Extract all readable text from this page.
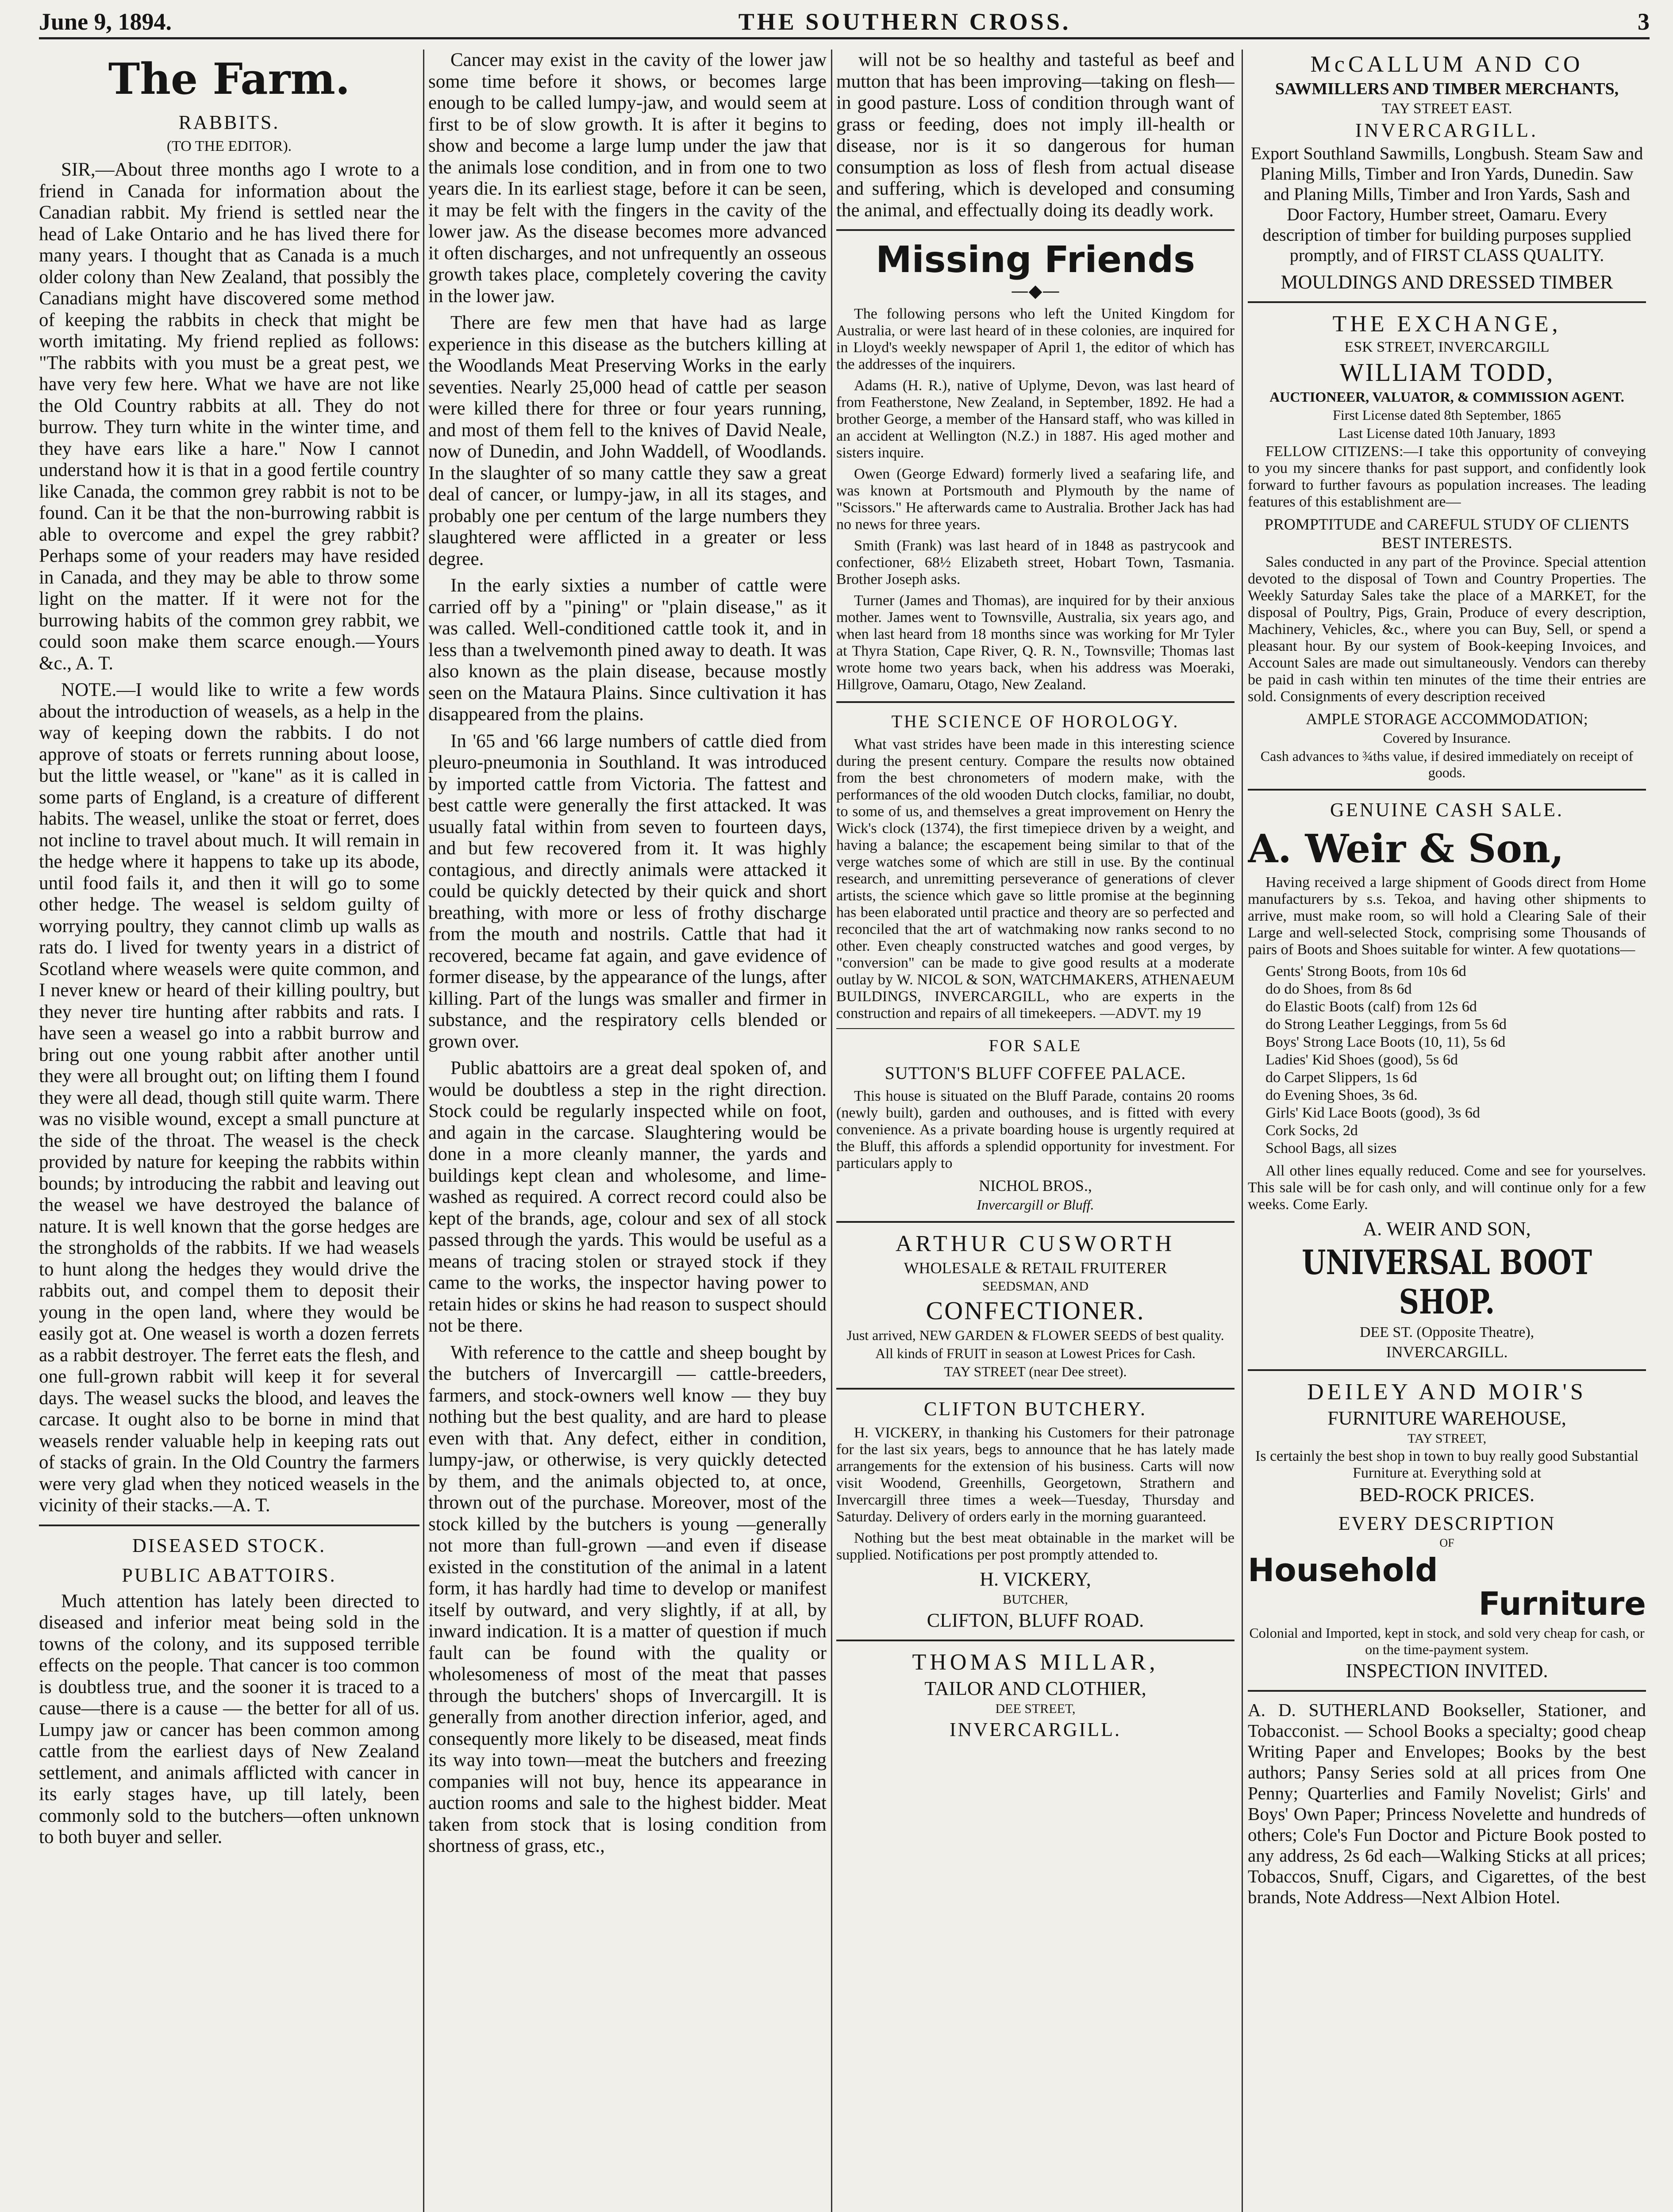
June 9, 1894.	THE SOUTHERN CROSS.	3
The Farm.
RABBITS.
(TO THE EDITOR).

SIR,—About three months ago I wrote to a friend in Canada for information about the Canadian rabbit. My friend is settled near the head of Lake Ontario and he has lived there for many years. I thought that as Canada is a much older colony than New Zealand, that possibly the Canadians might have discovered some method of keeping the rabbits in check that might be worth imitating. My friend replied as follows: "The rabbits with you must be a great pest, we have very few here. What we have are not like the Old Country rabbits at all. They do not burrow. They turn white in the winter time, and they have ears like a hare." Now I cannot understand how it is that in a good fertile country like Canada, the common grey rabbit is not to be found. Can it be that the non-burrowing rabbit is able to overcome and expel the grey rabbit? Perhaps some of your readers may have resided in Canada, and they may be able to throw some light on the matter. If it were not for the burrowing habits of the common grey rabbit, we could soon make them scarce enough.—Yours &c., A. T.

NOTE.—I would like to write a few words about the introduction of weasels, as a help in the way of keeping down the rabbits. I do not approve of stoats or ferrets running about loose, but the little weasel, or "kane" as it is called in some parts of England, is a creature of different habits. The weasel, unlike the stoat or ferret, does not incline to travel about much. It will remain in the hedge where it happens to take up its abode, until food fails it, and then it will go to some other hedge. The weasel is seldom guilty of worrying poultry, they cannot climb up walls as rats do. I lived for twenty years in a district of Scotland where weasels were quite common, and I never knew or heard of their killing poultry, but they never tire hunting after rabbits and rats. I have seen a weasel go into a rabbit burrow and bring out one young rabbit after another until they were all brought out; on lifting them I found they were all dead, though still quite warm. There was no visible wound, except a small puncture at the side of the throat. The weasel is the check provided by nature for keeping the rabbits within bounds; by introducing the rabbit and leaving out the weasel we have destroyed the balance of nature. It is well known that the gorse hedges are the strongholds of the rabbits. If we had weasels to hunt along the hedges they would drive the rabbits out, and compel them to deposit their young in the open land, where they would be easily got at. One weasel is worth a dozen ferrets as a rabbit destroyer. The ferret eats the flesh, and one full-grown rabbit will keep it for several days. The weasel sucks the blood, and leaves the carcase. It ought also to be borne in mind that weasels render valuable help in keeping rats out of stacks of grain. In the Old Country the farmers were very glad when they noticed weasels in the vicinity of their stacks.—A. T.

DISEASED STOCK.
PUBLIC ABATTOIRS.

Much attention has lately been directed to diseased and inferior meat being sold in the towns of the colony, and its supposed terrible effects on the people. That cancer is too common is doubtless true, and the sooner it is traced to a cause—there is a cause — the better for all of us. Lumpy jaw or cancer has been common among cattle from the earliest days of New Zealand settlement, and animals afflicted with cancer in its early stages have, up till lately, been commonly sold to the butchers—often unknown to both buyer and seller.

Cancer may exist in the cavity of the lower jaw some time before it shows, or becomes large enough to be called lumpy-jaw, and would seem at first to be of slow growth. It is after it begins to show and become a large lump under the jaw that the animals lose condition, and in from one to two years die. In its earliest stage, before it can be seen, it may be felt with the fingers in the cavity of the lower jaw. As the disease becomes more advanced it often discharges, and not unfrequently an osseous growth takes place, completely covering the cavity in the lower jaw.

There are few men that have had as large experience in this disease as the butchers killing at the Woodlands Meat Preserving Works in the early seventies. Nearly 25,000 head of cattle per season were killed there for three or four years running, and most of them fell to the knives of David Neale, now of Dunedin, and John Waddell, of Woodlands. In the slaughter of so many cattle they saw a great deal of cancer, or lumpy-jaw, in all its stages, and probably one per centum of the large numbers they slaughtered were afflicted in a greater or less degree.

In the early sixties a number of cattle were carried off by a "pining" or "plain disease," as it was called. Well-conditioned cattle took it, and in less than a twelvemonth pined away to death. It was also known as the plain disease, because mostly seen on the Mataura Plains. Since cultivation it has disappeared from the plains.

In '65 and '66 large numbers of cattle died from pleuro-pneumonia in Southland. It was introduced by imported cattle from Victoria. The fattest and best cattle were generally the first attacked. It was usually fatal within from seven to fourteen days, and but few recovered from it. It was highly contagious, and directly animals were attacked it could be quickly detected by their quick and short breathing, with more or less of frothy discharge from the mouth and nostrils. Cattle that had it recovered, became fat again, and gave evidence of former disease, by the appearance of the lungs, after killing. Part of the lungs was smaller and firmer in substance, and the respiratory cells blended or grown over.

Public abattoirs are a great deal spoken of, and would be doubtless a step in the right direction. Stock could be regularly inspected while on foot, and again in the carcase. Slaughtering would be done in a more cleanly manner, the yards and buildings kept clean and wholesome, and lime-washed as required. A correct record could also be kept of the brands, age, colour and sex of all stock passed through the yards. This would be useful as a means of tracing stolen or strayed stock if they came to the works, the inspector having power to retain hides or skins he had reason to suspect should not be there.

With reference to the cattle and sheep bought by the butchers of Invercargill — cattle-breeders, farmers, and stock-owners well know — they buy nothing but the best quality, and are hard to please even with that. Any defect, either in condition, lumpy-jaw, or otherwise, is very quickly detected by them, and the animals objected to, at once, thrown out of the purchase. Moreover, most of the stock killed by the butchers is young —generally not more than full-grown —and even if disease existed in the constitution of the animal in a latent form, it has hardly had time to develop or manifest itself by outward, and very slightly, if at all, by inward indication. It is a matter of question if much fault can be found with the quality or wholesomeness of most of the meat that passes through the butchers' shops of Invercargill. It is generally from another direction inferior, aged, and consequently more likely to be diseased, meat finds its way into town—meat the butchers and freezing companies will not buy, hence its appearance in auction rooms and sale to the highest bidder. Meat taken from stock that is losing condition from shortness of grass, etc.,

will not be so healthy and tasteful as beef and mutton that has been improving—taking on flesh—in good pasture. Loss of condition through want of grass or feeding, does not imply ill-health or disease, nor is it so dangerous for human consumption as loss of flesh from actual disease and suffering, which is developed and consuming the animal, and effectually doing its deadly work.

Missing Friends
—◆—

The following persons who left the United Kingdom for Australia, or were last heard of in these colonies, are inquired for in Lloyd's weekly newspaper of April 1, the editor of which has the addresses of the inquirers.

Adams (H. R.), native of Uplyme, Devon, was last heard of from Featherstone, New Zealand, in September, 1892. He had a brother George, a member of the Hansard staff, who was killed in an accident at Wellington (N.Z.) in 1887. His aged mother and sisters inquire.

Owen (George Edward) formerly lived a seafaring life, and was known at Portsmouth and Plymouth by the name of "Scissors." He afterwards came to Australia. Brother Jack has had no news for three years.

Smith (Frank) was last heard of in 1848 as pastrycook and confectioner, 68½ Elizabeth street, Hobart Town, Tasmania. Brother Joseph asks.

Turner (James and Thomas), are inquired for by their anxious mother. James went to Townsville, Australia, six years ago, and when last heard from 18 months since was working for Mr Tyler at Thyra Station, Cape River, Q. R. N., Townsville; Thomas last wrote home two years back, when his address was Moeraki, Hillgrove, Oamaru, Otago, New Zealand.

THE SCIENCE OF HOROLOGY.

What vast strides have been made in this interesting science during the present century. Compare the results now obtained from the best chronometers of modern make, with the performances of the old wooden Dutch clocks, familiar, no doubt, to some of us, and themselves a great improvement on Henry the Wick's clock (1374), the first timepiece driven by a weight, and having a balance; the escapement being similar to that of the verge watches some of which are still in use. By the continual research, and unremitting perseverance of generations of clever artists, the science which gave so little promise at the beginning has been elaborated until practice and theory are so perfected and reconciled that the art of watchmaking now ranks second to no other. Even cheaply constructed watches and good verges, by "conversion" can be made to give good results at a moderate outlay by W. NICOL & SON, WATCHMAKERS, ATHENAEUM BUILDINGS, INVERCARGILL, who are experts in the construction and repairs of all timekeepers. —ADVT. my 19

FOR SALE
SUTTON'S BLUFF COFFEE PALACE.

This house is situated on the Bluff Parade, contains 20 rooms (newly built), garden and outhouses, and is fitted with every convenience. As a private boarding house is urgently required at the Bluff, this affords a splendid opportunity for investment. For particulars apply to

NICHOL BROS.,

Invercargill or Bluff.

ARTHUR CUSWORTH

WHOLESALE & RETAIL FRUITERER

SEEDSMAN, AND

CONFECTIONER.

Just arrived, NEW GARDEN & FLOWER SEEDS of best quality.

All kinds of FRUIT in season at Lowest Prices for Cash.

TAY STREET (near Dee street).

CLIFTON BUTCHERY.

H. VICKERY, in thanking his Customers for their patronage for the last six years, begs to announce that he has lately made arrangements for the extension of his business. Carts will now visit Woodend, Greenhills, Georgetown, Strathern and Invercargill three times a week—Tuesday, Thursday and Saturday. Delivery of orders early in the morning guaranteed.

Nothing but the best meat obtainable in the market will be supplied. Notifications per post promptly attended to.

H. VICKERY,

BUTCHER,

CLIFTON, BLUFF ROAD.

THOMAS MILLAR,

TAILOR AND CLOTHIER,

DEE STREET,

INVERCARGILL.

McCALLUM AND CO

SAWMILLERS AND TIMBER MERCHANTS,

TAY STREET EAST.

INVERCARGILL.

Export Southland Sawmills, Longbush. Steam Saw and Planing Mills, Timber and Iron Yards, Dunedin. Saw and Planing Mills, Timber and Iron Yards, Sash and Door Factory, Humber street, Oamaru. Every description of timber for building purposes supplied promptly, and of FIRST CLASS QUALITY.

MOULDINGS AND DRESSED TIMBER

THE EXCHANGE,

ESK STREET, INVERCARGILL

WILLIAM TODD,

AUCTIONEER, VALUATOR, & COMMISSION AGENT.

First License dated 8th September, 1865

Last License dated 10th January, 1893

FELLOW CITIZENS:—I take this opportunity of conveying to you my sincere thanks for past support, and confidently look forward to further favours as population increases. The leading features of this establishment are—

PROMPTITUDE and CAREFUL STUDY OF CLIENTS BEST INTERESTS.

Sales conducted in any part of the Province. Special attention devoted to the disposal of Town and Country Properties. The Weekly Saturday Sales take the place of a MARKET, for the disposal of Poultry, Pigs, Grain, Produce of every description, Machinery, Vehicles, &c., where you can Buy, Sell, or spend a pleasant hour. By our system of Book-keeping Invoices, and Account Sales are made out simultaneously. Vendors can thereby be paid in cash within ten minutes of the time their entries are sold. Consignments of every description received

AMPLE STORAGE ACCOMMODATION;

Covered by Insurance.

Cash advances to ¾ths value, if desired immediately on receipt of goods.

GENUINE CASH SALE.
A. Weir & Son,

Having received a large shipment of Goods direct from Home manufacturers by s.s. Tekoa, and having other shipments to arrive, must make room, so will hold a Clearing Sale of their Large and well-selected Stock, comprising some Thousands of pairs of Boots and Shoes suitable for winter. A few quotations—

Gents' Strong Boots, from 10s 6d
do do Shoes, from 8s 6d
do Elastic Boots (calf) from 12s 6d
do Strong Leather Leggings, from 5s 6d
Boys' Strong Lace Boots (10, 11), 5s 6d
Ladies' Kid Shoes (good), 5s 6d
do Carpet Slippers, 1s 6d
do Evening Shoes, 3s 6d.
Girls' Kid Lace Boots (good), 3s 6d
Cork Socks, 2d
School Bags, all sizes

All other lines equally reduced. Come and see for yourselves. This sale will be for cash only, and will continue only for a few weeks. Come Early.

A. WEIR AND SON,

UNIVERSAL BOOT SHOP.

DEE ST. (Opposite Theatre),

INVERCARGILL.

DEILEY AND MOIR'S

FURNITURE WAREHOUSE,

TAY STREET,

Is certainly the best shop in town to buy really good Substantial Furniture at. Everything sold at

BED-ROCK PRICES.

EVERY DESCRIPTION

OF

Household
Furniture

Colonial and Imported, kept in stock, and sold very cheap for cash, or on the time-payment system.

INSPECTION INVITED.

A. D. SUTHERLAND Bookseller, Stationer, and Tobacconist. — School Books a specialty; good cheap Writing Paper and Envelopes; Books by the best authors; Pansy Series sold at all prices from One Penny; Quarterlies and Family Novelist; Girls' and Boys' Own Paper; Princess Novelette and hundreds of others; Cole's Fun Doctor and Picture Book posted to any address, 2s 6d each—Walking Sticks at all prices; Tobaccos, Snuff, Cigars, and Cigarettes, of the best brands, Note Address—Next Albion Hotel.
